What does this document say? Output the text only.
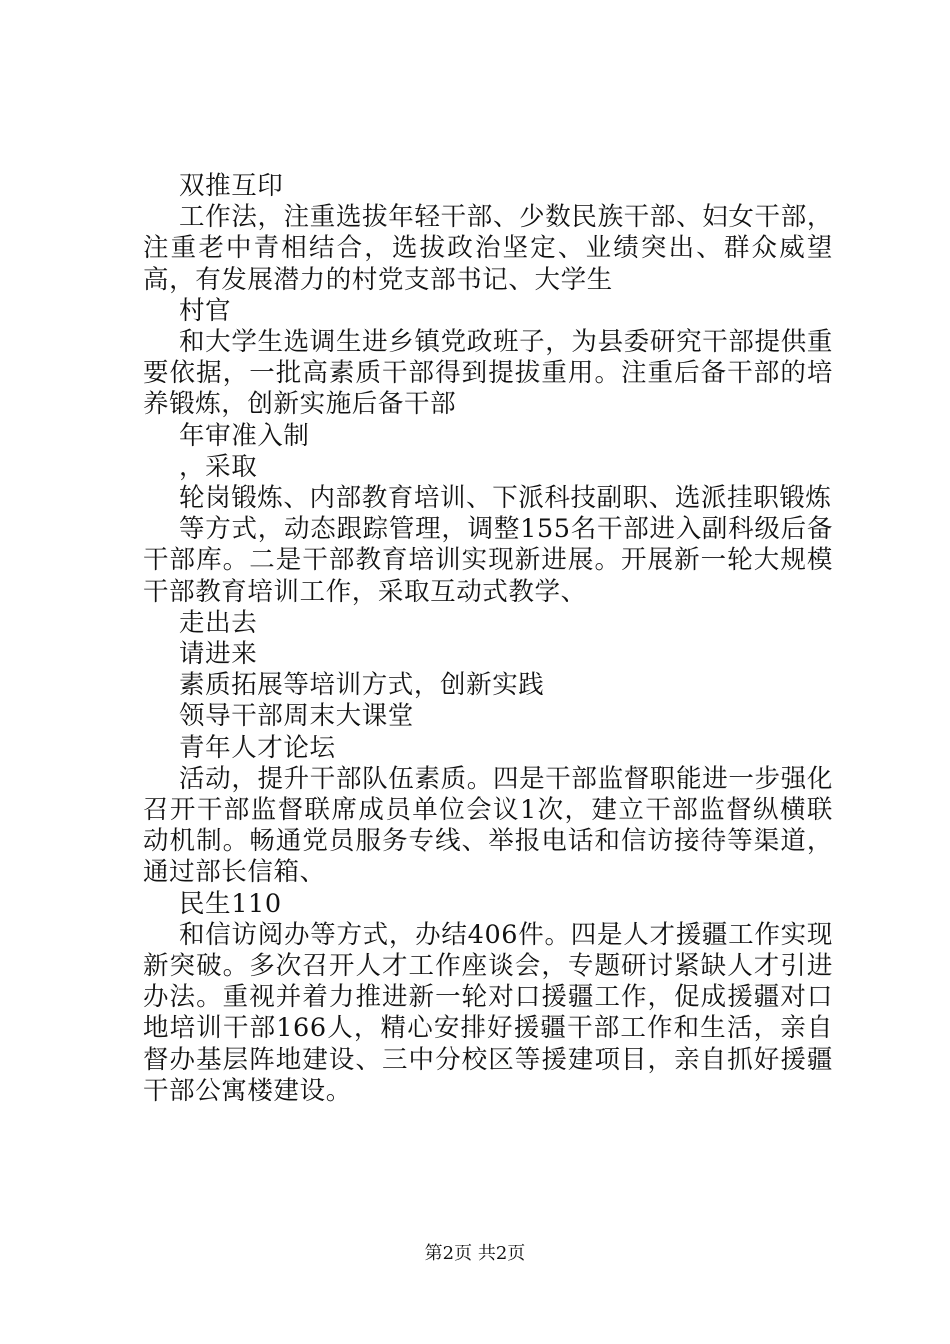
双推互印

工作法，注重选拔年轻干部、少数民族干部、妇女干部，注重老中青相结合，选拔政治坚定、业绩突出、群众威望高，有发展潜力的村党支部书记、大学生

村官

和大学生选调生进乡镇党政班子，为县委研究干部提供重要依据，一批高素质干部得到提拔重用。注重后备干部的培养锻炼，创新实施后备干部

年审准入制

，采取

轮岗锻炼、内部教育培训、下派科技副职、选派挂职锻炼

等方式，动态跟踪管理，调整155名干部进入副科级后备干部库。二是干部教育培训实现新进展。开展新一轮大规模干部教育培训工作，采取互动式教学、

走出去

请进来

素质拓展等培训方式，创新实践

领导干部周末大课堂

青年人才论坛

活动，提升干部队伍素质。四是干部监督职能进一步强化召开干部监督联席成员单位会议1次，建立干部监督纵横联动机制。畅通党员服务专线、举报电话和信访接待等渠道，通过部长信箱、

民生110

和信访阅办等方式，办结406件。四是人才援疆工作实现新突破。多次召开人才工作座谈会，专题研讨紧缺人才引进办法。重视并着力推进新一轮对口援疆工作，促成援疆对口地培训干部166人，精心安排好援疆干部工作和生活，亲自督办基层阵地建设、三中分校区等援建项目，亲自抓好援疆干部公寓楼建设。

第2页 共2页
